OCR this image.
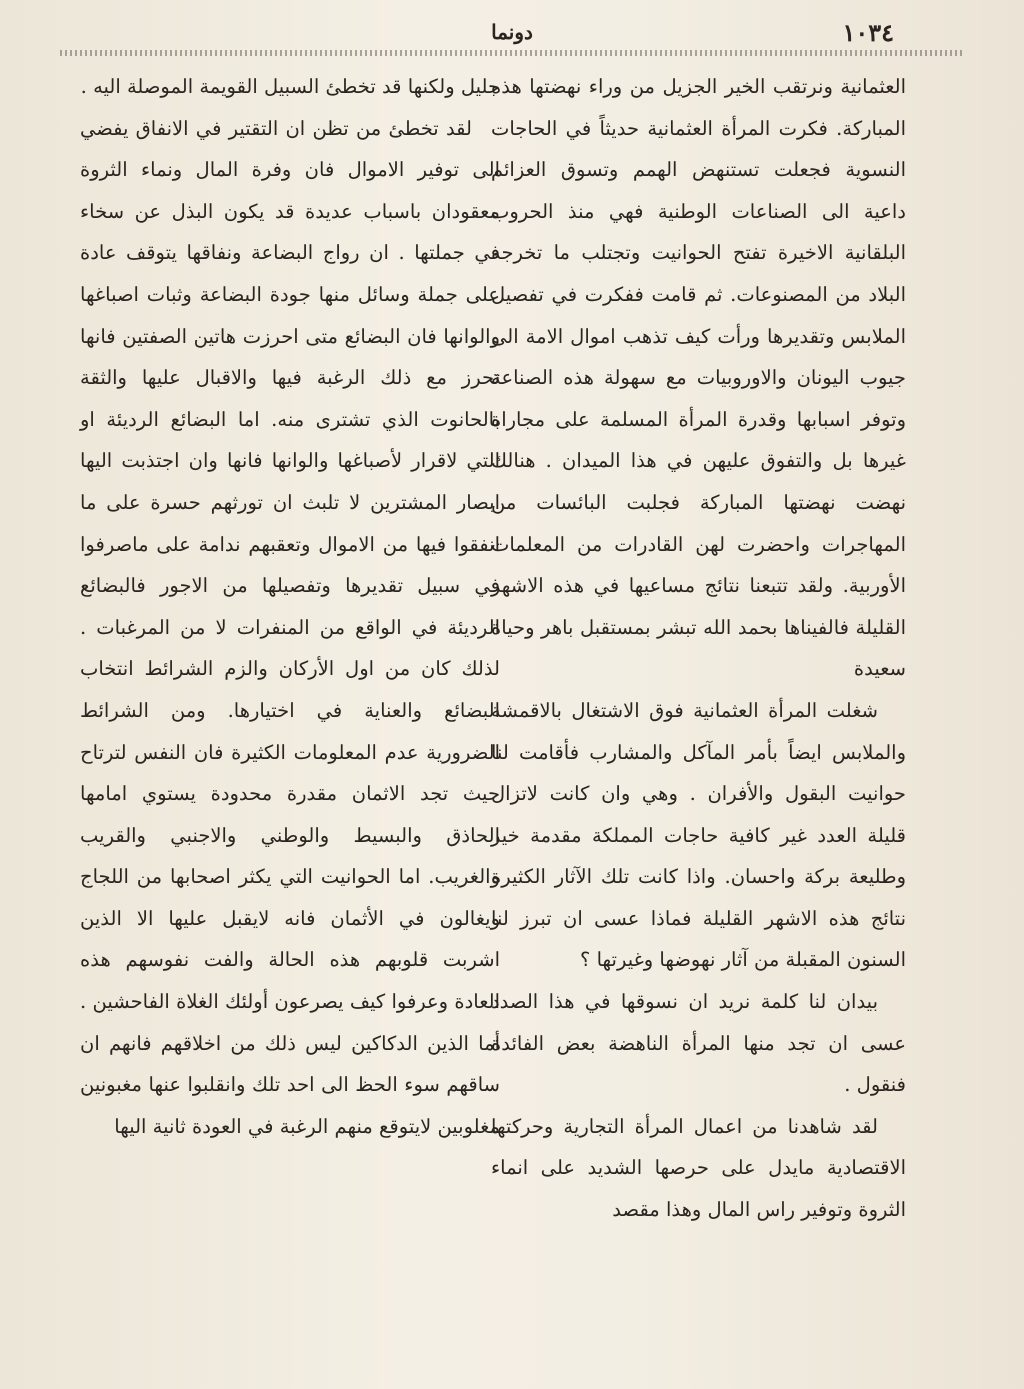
١٠٣٤
دونما

العثمانية ونرتقب الخير الجزيل من وراء نهضتها هذه المباركة. فكرت المرأة العثمانية حديثاً في الحاجات النسوية فجعلت تستنهض الهمم وتسوق العزائم داعية الى الصناعات الوطنية فهي منذ الحروب البلقانية الاخيرة تفتح الحوانيت وتجتلب ما تخرجه البلاد من المصنوعات. ثم قامت ففكرت في تفصيل الملابس وتقديرها ورأت كيف تذهب اموال الامة الى جيوب اليونان والاوروبيات مع سهولة هذه الصناعة وتوفر اسبابها وقدرة المرأة المسلمة على مجاراة غيرها بل والتفوق عليهن في هذا الميدان . هنالك نهضت نهضتها المباركة فجلبت البائسات من المهاجرات واحضرت لهن القادرات من المعلمات الأوربية. ولقد تتبعنا نتائج مساعيها في هذه الاشهر القليلة فالفيناها بحمد الله تبشر بمستقبل باهر وحياة سعيدة

شغلت المرأة العثمانية فوق الاشتغال بالاقمشة والملابس ايضاً بأمر المآكل والمشارب فأقامت لنا حوانيت البقول والأفران . وهي وان كانت لاتزال قليلة العدد غير كافية حاجات المملكة مقدمة خير وطليعة بركة واحسان. واذا كانت تلك الآثار الكثيرة نتائج هذه الاشهر القليلة فماذا عسى ان تبرز لنا السنون المقبلة من آثار نهوضها وغيرتها ؟

بيدان لنا كلمة نريد ان نسوقها في هذا الصدد عسى ان تجد منها المرأة الناهضة بعض الفائدة فنقول .

لقد شاهدنا من اعمال المرأة التجارية وحركتها الاقتصادية مايدل على حرصها الشديد على انماء الثروة وتوفير راس المال وهذا مقصد

جليل ولكنها قد تخطئ السبيل القويمة الموصلة اليه .

لقد تخطئ من تظن ان التقتير في الانفاق يفضي الى توفير الاموال فان وفرة المال ونماء الثروة معقودان باسباب عديدة قد يكون البذل عن سخاء في جملتها . ان رواج البضاعة ونفاقها يتوقف عادة على جملة وسائل منها جودة البضاعة وثبات اصباغها والوانها فان البضائع متى احرزت هاتين الصفتين فانها تحرز مع ذلك الرغبة فيها والاقبال عليها والثقة بالحانوت الذي تشترى منه. اما البضائع الرديئة او التي لاقرار لأصباغها والوانها فانها وان اجتذبت اليها ابصار المشترين لا تلبث ان تورثهم حسرة على ما انفقوا فيها من الاموال وتعقبهم ندامة على ماصرفوا في سبيل تقديرها وتفصيلها من الاجور فالبضائع الرديئة في الواقع من المنفرات لا من المرغبات . لذلك كان من اول الأركان والزم الشرائط انتخاب البضائع والعناية في اختيارها. ومن الشرائط الضرورية عدم المعلومات الكثيرة فان النفس لترتاح حيث تجد الاثمان مقدرة محدودة يستوي امامها الحاذق والبسيط والوطني والاجنبي والقريب والغريب. اما الحوانيت التي يكثر اصحابها من اللجاج ويغالون في الأثمان فانه لايقبل عليها الا الذين اشربت قلوبهم هذه الحالة والفت نفوسهم هذه العادة وعرفوا كيف يصرعون أولئك الغلاة الفاحشين . أما الذين الدكاكين ليس ذلك من اخلاقهم فانهم ان ساقهم سوء الحظ الى احد تلك وانقلبوا عنها مغبونين مغلوبين لايتوقع منهم الرغبة في العودة ثانية اليها
